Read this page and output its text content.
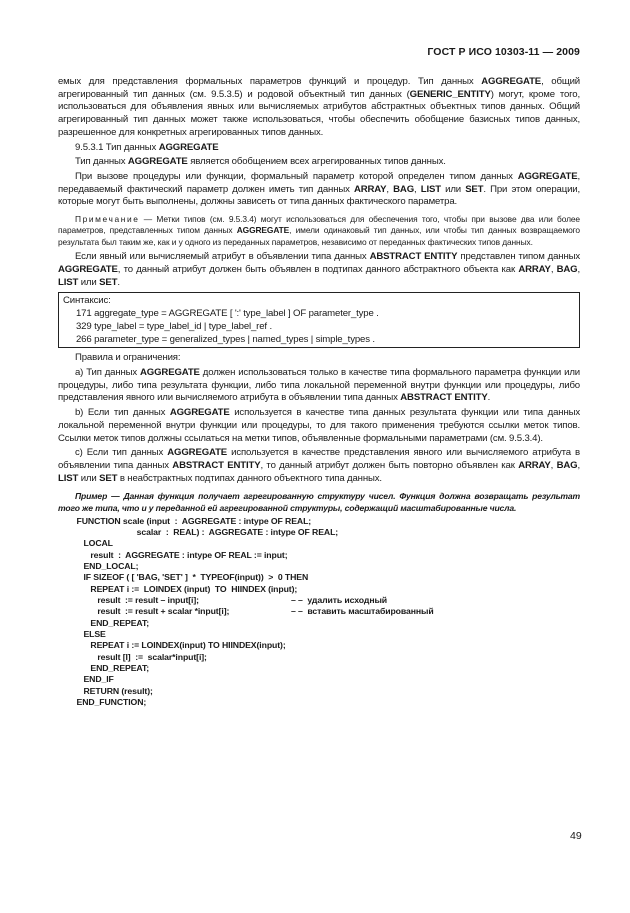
ГОСТ Р ИСО 10303-11 — 2009

емых для представления формальных параметров функций и процедур. Тип данных AGGREGATE, общий агрегированный тип данных (см. 9.5.3.5) и родовой объектный тип данных (GENERIC_ENTITY) могут, кроме того, использоваться для объявления явных или вычисляемых атрибутов абстрактных объектных типов данных. Общий агрегированный тип данных может также использоваться, чтобы обеспечить обобщение базисных типов данных, разрешенное для конкретных агрегированных типов данных.

9.5.3.1 Тип данных AGGREGATE

Тип данных AGGREGATE является обобщением всех агрегированных типов данных.

При вызове процедуры или функции, формальный параметр которой определен типом данных AGGREGATE, передаваемый фактический параметр должен иметь тип данных ARRAY, BAG, LIST или SET. При этом операции, которые могут быть выполнены, должны зависеть от типа данных фактического параметра.

Примечание — Метки типов (см. 9.5.3.4) могут использоваться для обеспечения того, чтобы при вызове два или более параметров, представленных типом данных AGGREGATE, имели одинаковый тип данных, или чтобы тип данных возвращаемого результата был таким же, как и у одного из переданных параметров, независимо от переданных фактических типов данных.

Если явный или вычисляемый атрибут в объявлении типа данных ABSTRACT ENTITY представлен типом данных AGGREGATE, то данный атрибут должен быть объявлен в подтипах данного абстрактного объекта как ARRAY, BAG, LIST или SET.

Синтаксис:
171 aggregate_type = AGGREGATE [ ':' type_label ] OF parameter_type .
329 type_label = type_label_id | type_label_ref .
266 parameter_type = generalized_types | named_types | simple_types .

Правила и ограничения:

а) Тип данных AGGREGATE должен использоваться только в качестве типа формального параметра функции или процедуры, либо типа результата функции, либо типа локальной переменной внутри функции или процедуры, либо представления явного или вычисляемого атрибута в объявлении типа данных ABSTRACT ENTITY.

b) Если тип данных AGGREGATE используется в качестве типа данных результата функции или типа данных локальной переменной внутри функции или процедуры, то для такого применения требуются ссылки меток типов. Ссылки меток типов должны ссылаться на метки типов, объявленные формальными параметрами (см. 9.5.3.4).

с) Если тип данных AGGREGATE используется в качестве представления явного или вычисляемого атрибута в объявлении типа данных ABSTRACT ENTITY, то данный атрибут должен быть повторно объявлен как ARRAY, BAG, LIST или SET в неабстрактных подтипах данного объектного типа данных.

Пример — Данная функция получает агрегированную структуру чисел. Функция должна возвращать результат того же типа, что и у переданной ей агрегированной структуры, содержащий масштабированные числа.

FUNCTION scale (input  :  AGGREGATE : intype OF REAL;
scalar  :  REAL) :  AGGREGATE : intype OF REAL;
LOCAL
result  :  AGGREGATE : intype OF REAL := input;
END_LOCAL;
IF SIZEOF ( [ 'BAG, 'SET' ]  *  TYPEOF(input))  >  0 THEN
REPEAT i :=  LOINDEX (input)  TO  HIINDEX (input);
result  := result – input[i];	– –  удалить исходный
result  := result + scalar *input[i];	– –  вставить масштабированный
END_REPEAT;
ELSE
REPEAT i := LOINDEX(input) TO HIINDEX(input);
result [I]  :=  scalar*input[i];
END_REPEAT;
END_IF
RETURN (result);
END_FUNCTION;
49
